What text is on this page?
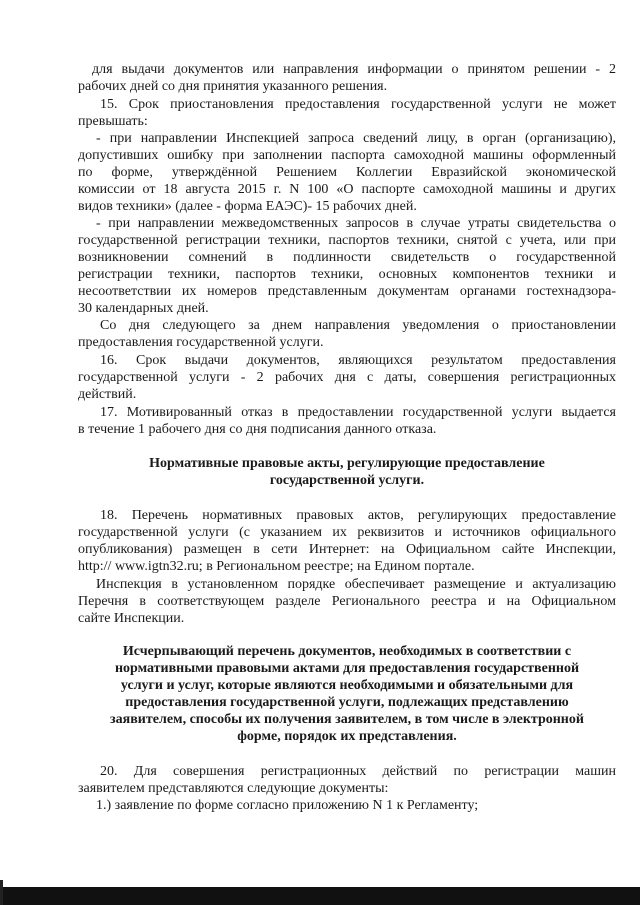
для выдачи документов или направления информации о принятом решении - 2
рабочих дней со дня принятия указанного решения.
15. Срок приостановления предоставления государственной услуги не может
превышать:
- при направлении Инспекцией запроса сведений лицу, в орган (организацию),
допустивших ошибку при заполнении паспорта самоходной машины оформленный
по форме, утверждённой Решением Коллегии Евразийской экономической
комиссии от 18 августа 2015 г. N 100 «О паспорте самоходной машины и других
видов техники» (далее - форма ЕАЭС)- 15 рабочих дней.
- при направлении межведомственных запросов в случае утраты свидетельства о
государственной регистрации техники, паспортов техники, снятой с учета, или при
возникновении сомнений в подлинности свидетельств о государственной
регистрации техники, паспортов техники, основных компонентов техники и
несоответствии их номеров представленным документам органами гостехнадзора-
30 календарных дней.
Со дня следующего за днем направления уведомления о приостановлении
предоставления государственной услуги.
16. Срок выдачи документов, являющихся результатом предоставления
государственной услуги - 2 рабочих дня с даты, совершения регистрационных
действий.
17. Мотивированный отказ в предоставлении государственной услуги выдается
в течение 1 рабочего дня со дня подписания данного отказа.
Нормативные правовые акты, регулирующие предоставление
государственной услуги.
18. Перечень нормативных правовых актов, регулирующих предоставление
государственной услуги (с указанием их реквизитов и источников официального
опубликования) размещен в сети Интернет: на Официальном сайте Инспекции,
http:// www.igtn32.ru; в Региональном реестре; на Едином портале.
Инспекция в установленном порядке обеспечивает размещение и актуализацию
Перечня в соответствующем разделе Регионального реестра и на Официальном
сайте Инспекции.
Исчерпывающий перечень документов, необходимых в соответствии с
нормативными правовыми актами для предоставления государственной
услуги и услуг, которые являются необходимыми и обязательными для
предоставления государственной услуги, подлежащих представлению
заявителем, способы их получения заявителем, в том числе в электронной
форме, порядок их представления.
20. Для совершения регистрационных действий по регистрации машин
заявителем представляются следующие документы:
1.) заявление по форме согласно приложению N 1 к Регламенту;
